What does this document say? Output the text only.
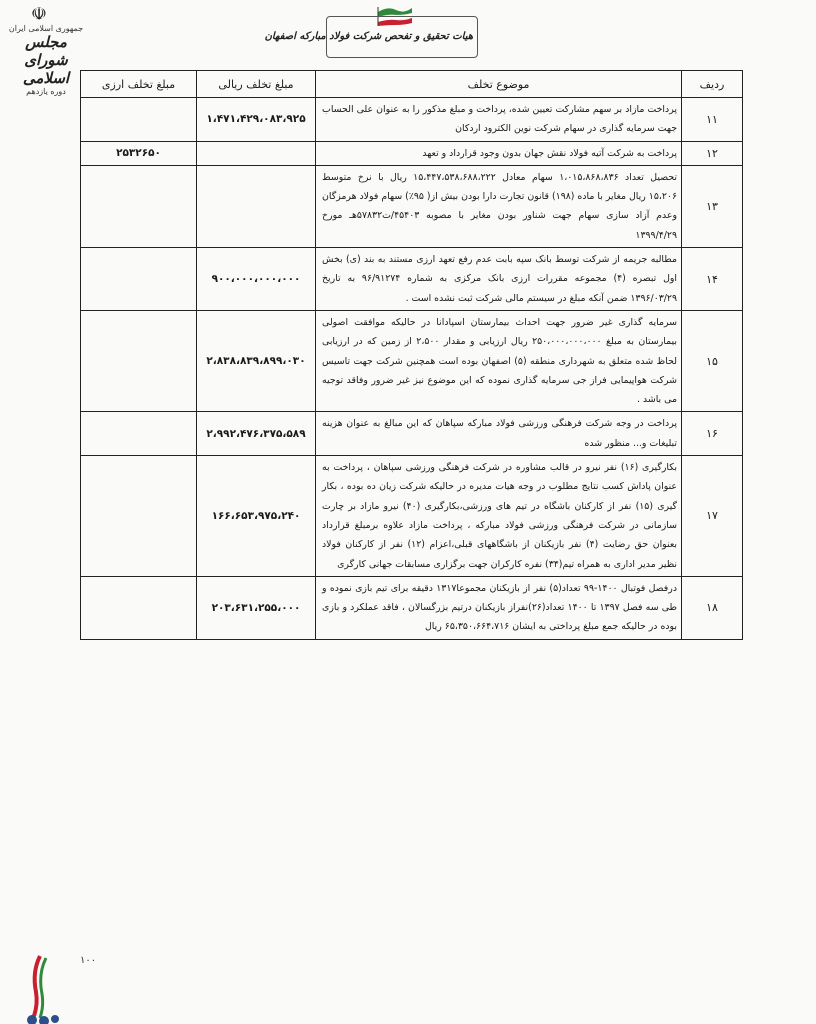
☫
جمهوری اسلامی ایران
مجلس شورای اسلامی
دوره یازدهم
هیات تحقیق و تفحص شرکت فولاد مبارکه اصفهان
ردیف	موضوع تخلف	مبلغ تخلف ریالی	مبلغ تخلف ارزی
۱۱	پرداخت مازاد بر سهم مشارکت تعیین شده، پرداخت و مبلغ مذکور را به عنوان علی الحساب جهت سرمایه گذاری در سهام شرکت نوین الکترود اردکان	۱،۴۷۱،۴۲۹،۰۸۳،۹۲۵	
۱۲	پرداخت به شرکت آتیه فولاد نقش جهان بدون وجود قرارداد و تعهد		۲۵۳۲۶۵۰
۱۳	تحصیل تعداد ۱،۰۱۵،۸۶۸،۸۳۶ سهام معادل ۱۵،۴۴۷،۵۳۸،۶۸۸،۲۲۲ ریال با نرخ متوسط ۱۵،۲۰۶ ریال مغایر با ماده (۱۹۸) قانون تجارت دارا بودن بیش از( ۹۵٪) سهام فولاد هرمزگان وعدم آزاد سازی سهام جهت شناور بودن مغایر با مصوبه ۴۵۴۰۳/ت۵۷۸۳۲هـ مورخ ۱۳۹۹/۴/۲۹		
۱۴	مطالبه جریمه از شرکت توسط بانک سپه بابت عدم رفع تعهد ارزی مستند به بند (ی) بخش اول تبصره (۴) مجموعه مقررات ارزی بانک مرکزی به شماره ۹۶/۹۱۲۷۴ به تاریخ ۱۳۹۶/۰۳/۲۹ ضمن آنکه مبلغ در سیستم مالی شرکت ثبت نشده است .	۹۰۰،۰۰۰،۰۰۰،۰۰۰	
۱۵	سرمایه گذاری غیر ضرور جهت احداث بیمارستان اسپادانا در حالیکه موافقت اصولی بیمارستان به مبلغ ۲۵۰،۰۰۰،۰۰۰،۰۰۰ ریال ارزیابی و مقدار ۲،۵۰۰ از زمین که در ارزیابی لحاظ شده متعلق به شهرداری منطقه (۵) اصفهان بوده است همچنین شرکت جهت تاسیس شرکت هواپیمایی فراز جی سرمایه گذاری نموده که این موضوع نیز غیر ضرور وفاقد توجیه می باشد .	۲،۸۳۸،۸۳۹،۸۹۹،۰۳۰	
۱۶	پرداخت در وجه شرکت فرهنگی ورزشی فولاد مبارکه سپاهان که این مبالغ به عنوان هزینه تبلیغات و... منظور شده	۲،۹۹۲،۴۷۶،۳۷۵،۵۸۹	
۱۷	بکارگیری (۱۶) نفر نیرو در قالب مشاوره در شرکت فرهنگی ورزشی سپاهان ، پرداخت به عنوان پاداش کسب نتایج مطلوب در وجه هیات مدیره در حالیکه شرکت زیان ده بوده ، بکار گیری (۱۵) نفر از کارکنان باشگاه در تیم های ورزشی،بکارگیری (۴۰) نیرو مازاد بر چارت سازمانی در شرکت فرهنگی ورزشی فولاد مبارکه ، پرداخت مازاد علاوه برمبلغ قرارداد بعنوان حق رضایت (۴) نفر بازیکنان از باشگاههای قبلی،اعزام (۱۲) نفر از کارکنان فولاد نظیر مدیر اداری به همراه تیم(۳۴) نفره کارکران جهت برگزاری مسابقات جهانی کارگری	۱۶۶،۶۵۳،۹۷۵،۲۴۰	
۱۸	درفصل فوتبال ۱۴۰۰-۹۹ تعداد(۵) نفر از بازیکنان مجموعا۱۳۱۷ دقیقه برای تیم بازی نموده و طی سه فصل ۱۳۹۷ تا ۱۴۰۰ تعداد(۲۶)نفراز بازیکنان درتیم بزرگسالان ، فاقد عملکرد و بازی بوده در حالیکه جمع مبلغ پرداختی به ایشان ۶۵،۳۵۰،۶۶۴،۷۱۶ ریال	۲۰۳،۶۳۱،۲۵۵،۰۰۰	
۱۰۰
